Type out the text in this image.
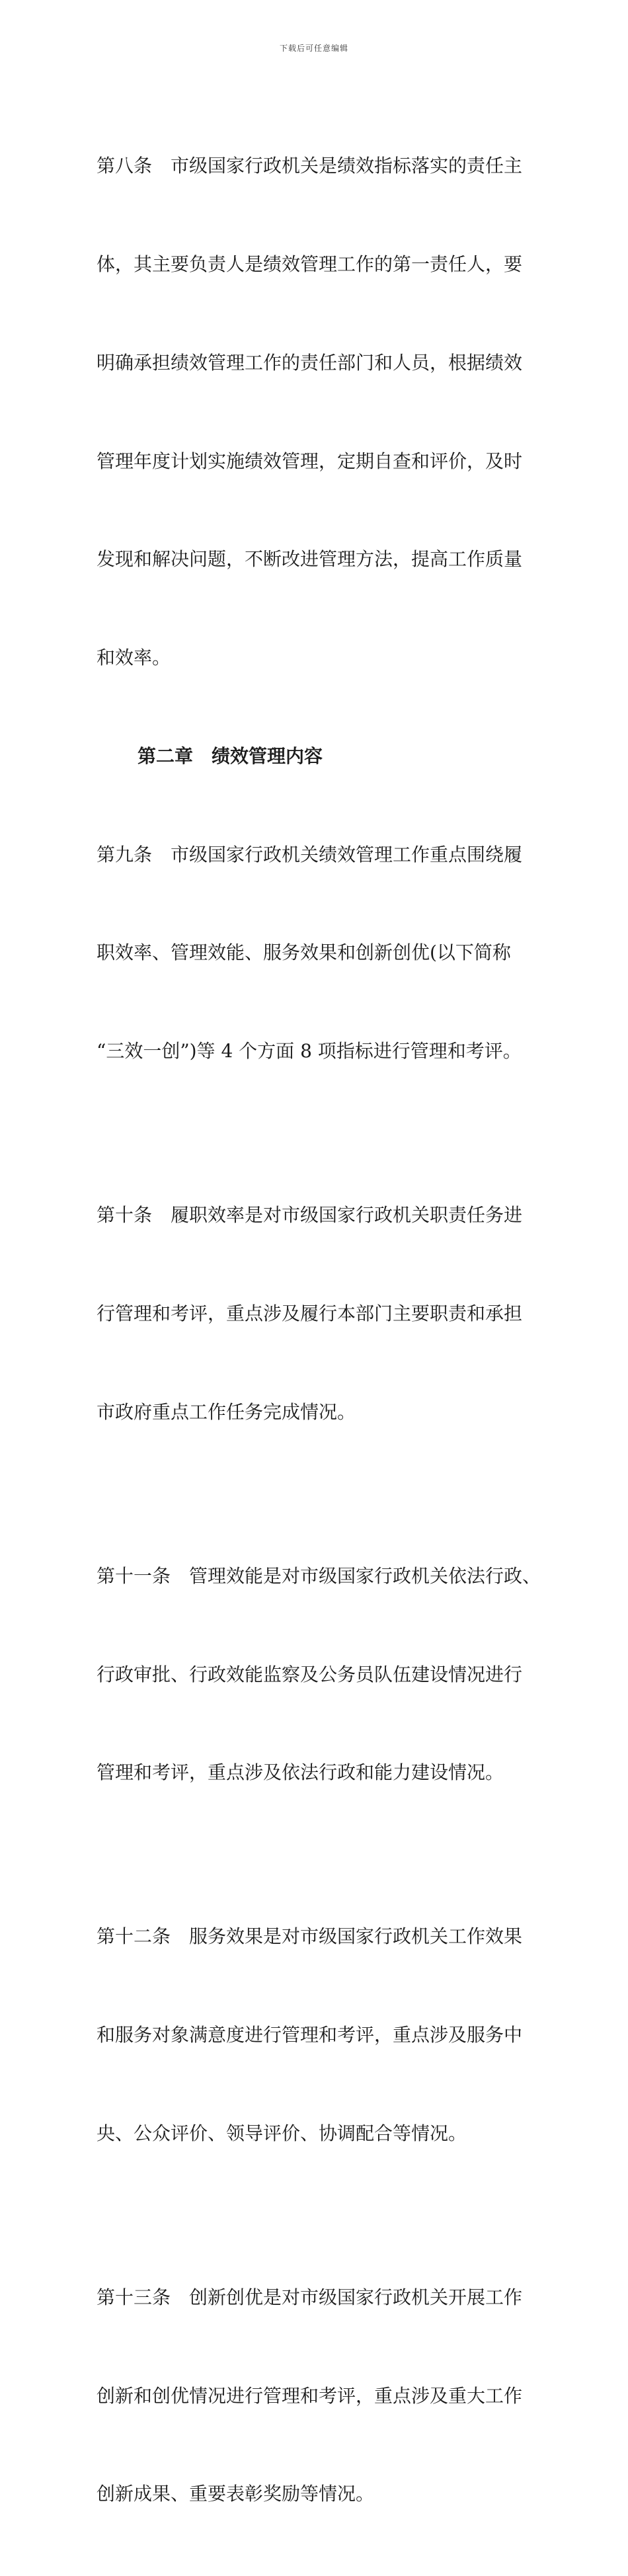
下载后可任意编辑

第八条　市级国家行政机关是绩效指标落实的责任主

体，其主要负责人是绩效管理工作的第一责任人，要

明确承担绩效管理工作的责任部门和人员，根据绩效

管理年度计划实施绩效管理，定期自查和评价，及时

发现和解决问题，不断改进管理方法，提高工作质量

和效率。

第二章　绩效管理内容

第九条　市级国家行政机关绩效管理工作重点围绕履

职效率、管理效能、服务效果和创新创优(以下简称

“三效一创”)等 4 个方面 8 项指标进行管理和考评。

第十条　履职效率是对市级国家行政机关职责任务进

行管理和考评，重点涉及履行本部门主要职责和承担

市政府重点工作任务完成情况。

第十一条　管理效能是对市级国家行政机关依法行政、

行政审批、行政效能监察及公务员队伍建设情况进行

管理和考评，重点涉及依法行政和能力建设情况。

第十二条　服务效果是对市级国家行政机关工作效果

和服务对象满意度进行管理和考评，重点涉及服务中

央、公众评价、领导评价、协调配合等情况。

第十三条　创新创优是对市级国家行政机关开展工作

创新和创优情况进行管理和考评，重点涉及重大工作

创新成果、重要表彰奖励等情况。
